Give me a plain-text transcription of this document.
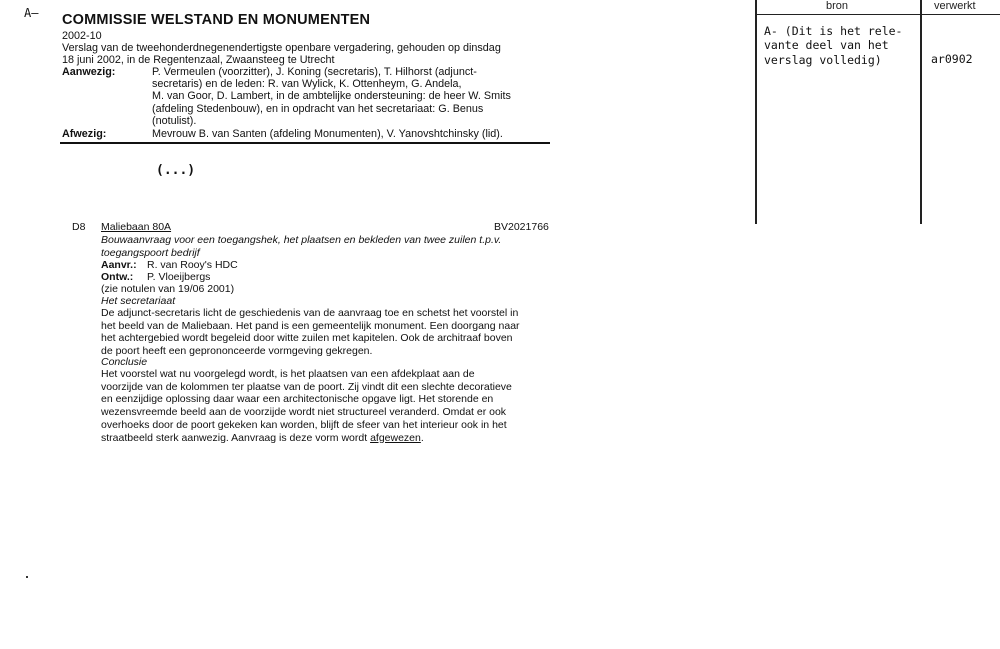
A– COMMISSIE WELSTAND EN MONUMENTEN
2002-10
Verslag van de tweehonderdnegenendertigste openbare vergadering, gehouden op dinsdag
18 juni 2002, in de Regentenzaal, Zwaansteeg te Utrecht
Aanwezig:	P. Vermeulen (voorzitter), J. Koning (secretaris), T. Hilhorst (adjunct-
secretaris) en de leden: R. van Wylick, K. Ottenheym, G. Andela,
M. van Goor, D. Lambert, in de ambtelijke ondersteuning: de heer W. Smits
(afdeling Stedenbouw), en in opdracht van het secretariaat: G. Benus
(notulist).
Afwezig:	Mevrouw B. van Santen (afdeling Monumenten), V. Yanovshtchinsky (lid).
(...)
D8 Maliebaan 80A	BV2021766
Bouwaanvraag voor een toegangshek, het plaatsen en bekleden van twee zuilen t.p.v.
toegangspoort bedrijf
Aanvr.: R. van Rooy's HDC
Ontw.: P. Vloeijbergs
(zie notulen van 19/06 2001)
Het secretariaat
De adjunct-secretaris licht de geschiedenis van de aanvraag toe en schetst het voorstel in
het beeld van de Maliebaan. Het pand is een gemeentelijk monument. Een doorgang naar
het achtergebied wordt begeleid door witte zuilen met kapitelen. Ook de architraaf boven
de poort heeft een geprononceerde vormgeving gekregen.
Conclusie
Het voorstel wat nu voorgelegd wordt, is het plaatsen van een afdekplaat aan de
voorzijde van de kolommen ter plaatse van de poort. Zij vindt dit een slechte decoratieve
en eenzijdige oplossing daar waar een architectonische opgave ligt. Het storende en
wezensvreemde beeld aan de voorzijde wordt niet structureel veranderd. Omdat er ook
overhoeks door de poort gekeken kan worden, blijft de sfeer van het interieur ook in het
straatbeeld sterk aanwezig. Aanvraag is deze vorm wordt afgewezen.
bron	verwerkt
A- (Dit is het rele-
vante deel van het
verslag volledig)	ar0902
